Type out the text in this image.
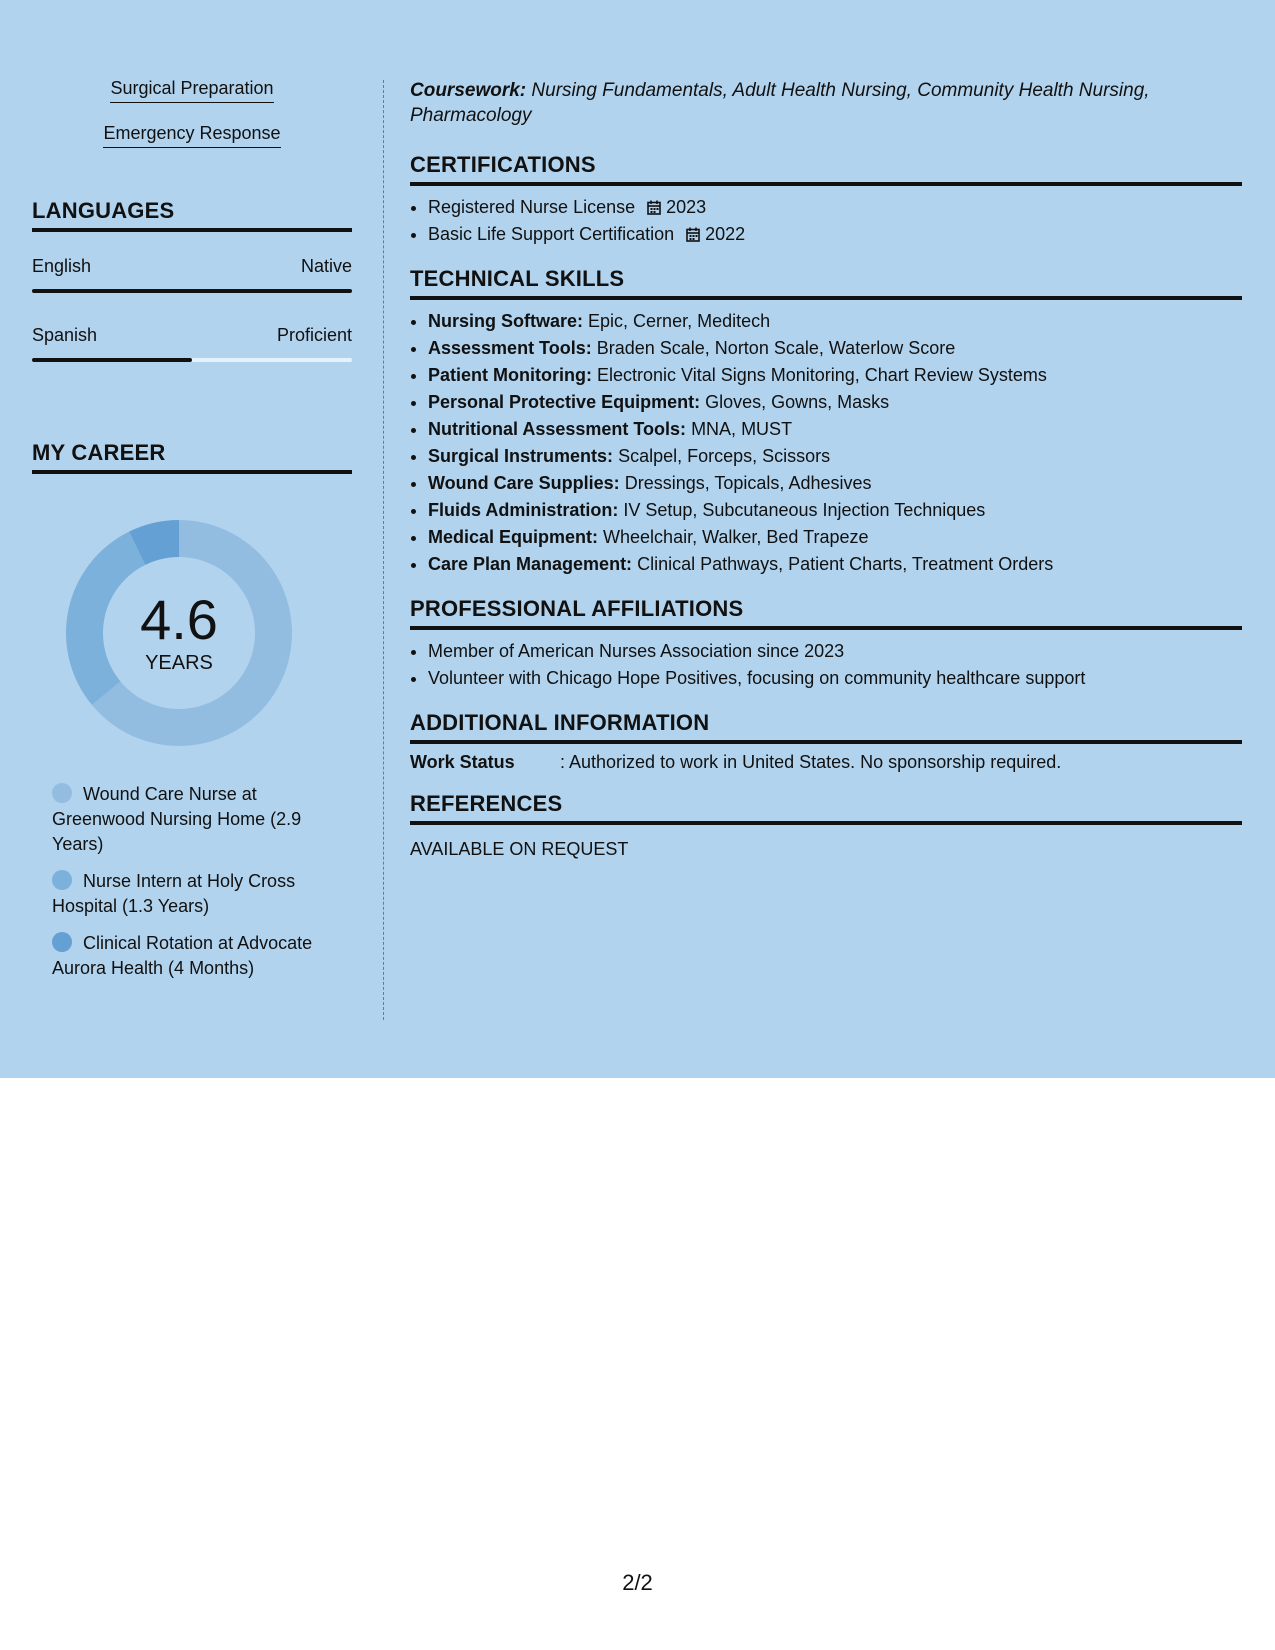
Surgical Preparation
Emergency Response
LANGUAGES
English	Native
Spanish	Proficient
MY CAREER
4.6
YEARS
Wound Care Nurse at Greenwood Nursing Home (2.9 Years)
Nurse Intern at Holy Cross Hospital (1.3 Years)
Clinical Rotation at Advocate Aurora Health (4 Months)
Coursework: Nursing Fundamentals, Adult Health Nursing, Community Health Nursing, Pharmacology
CERTIFICATIONS
• Registered Nurse License 2023
• Basic Life Support Certification 2022
TECHNICAL SKILLS
• Nursing Software: Epic, Cerner, Meditech
• Assessment Tools: Braden Scale, Norton Scale, Waterlow Score
• Patient Monitoring: Electronic Vital Signs Monitoring, Chart Review Systems
• Personal Protective Equipment: Gloves, Gowns, Masks
• Nutritional Assessment Tools: MNA, MUST
• Surgical Instruments: Scalpel, Forceps, Scissors
• Wound Care Supplies: Dressings, Topicals, Adhesives
• Fluids Administration: IV Setup, Subcutaneous Injection Techniques
• Medical Equipment: Wheelchair, Walker, Bed Trapeze
• Care Plan Management: Clinical Pathways, Patient Charts, Treatment Orders
PROFESSIONAL AFFILIATIONS
• Member of American Nurses Association since 2023
• Volunteer with Chicago Hope Positives, focusing on community healthcare support
ADDITIONAL INFORMATION
Work Status	: Authorized to work in United States. No sponsorship required.
REFERENCES
AVAILABLE ON REQUEST
2/2
